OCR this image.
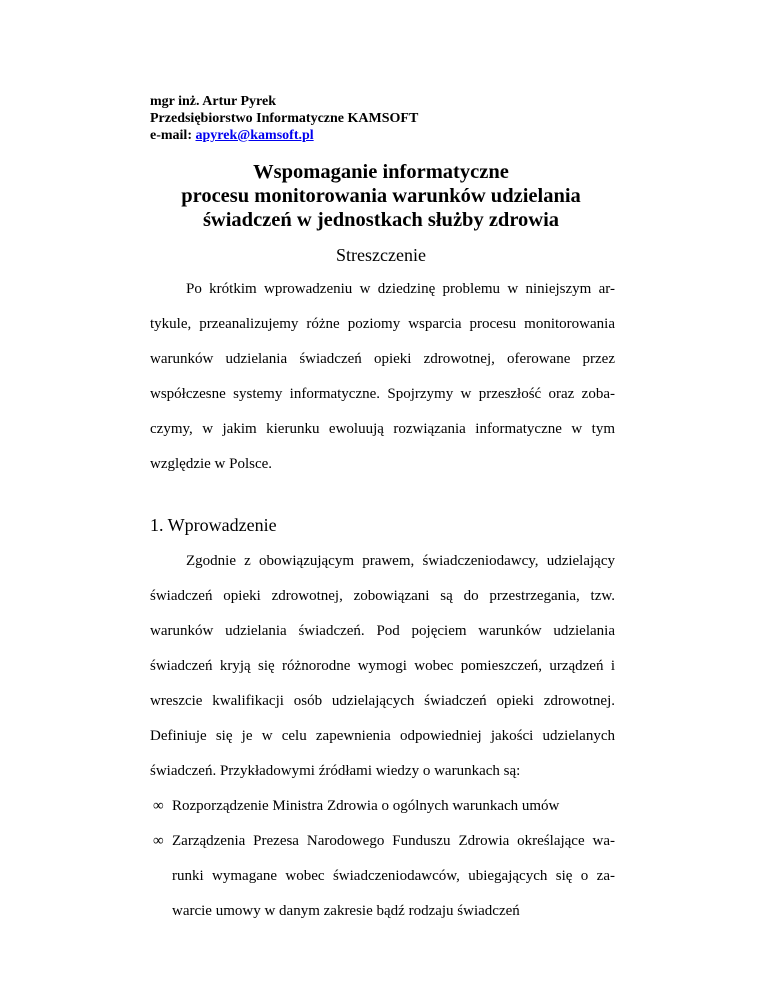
mgr inż. Artur Pyrek
Przedsiębiorstwo Informatyczne KAMSOFT
e-mail: apyrek@kamsoft.pl
Wspomaganie informatyczne
procesu monitorowania warunków udzielania
świadczeń w jednostkach służby zdrowia
Streszczenie
Po krótkim wprowadzeniu w dziedzinę problemu w niniejszym ar-
tykule, przeanalizujemy różne poziomy wsparcia procesu monitorowania
warunków udzielania świadczeń opieki zdrowotnej, oferowane przez
współczesne systemy informatyczne. Spojrzymy w przeszłość oraz zoba-
czymy, w jakim kierunku ewoluują rozwiązania informatyczne w tym
względzie w Polsce.
1. Wprowadzenie
Zgodnie z obowiązującym prawem, świadczeniodawcy, udzielający
świadczeń opieki zdrowotnej, zobowiązani są do przestrzegania, tzw.
warunków udzielania świadczeń. Pod pojęciem warunków udzielania
świadczeń kryją się różnorodne wymogi wobec pomieszczeń, urządzeń i
wreszcie kwalifikacji osób udzielających świadczeń opieki zdrowotnej.
Definiuje się je w celu zapewnienia odpowiedniej jakości udzielanych
świadczeń. Przykładowymi źródłami wiedzy o warunkach są:
∞ Rozporządzenie Ministra Zdrowia o ogólnych warunkach umów
∞ Zarządzenia Prezesa Narodowego Funduszu Zdrowia określające wa-
runki wymagane wobec świadczeniodawców, ubiegających się o za-
warcie umowy w danym zakresie bądź rodzaju świadczeń
